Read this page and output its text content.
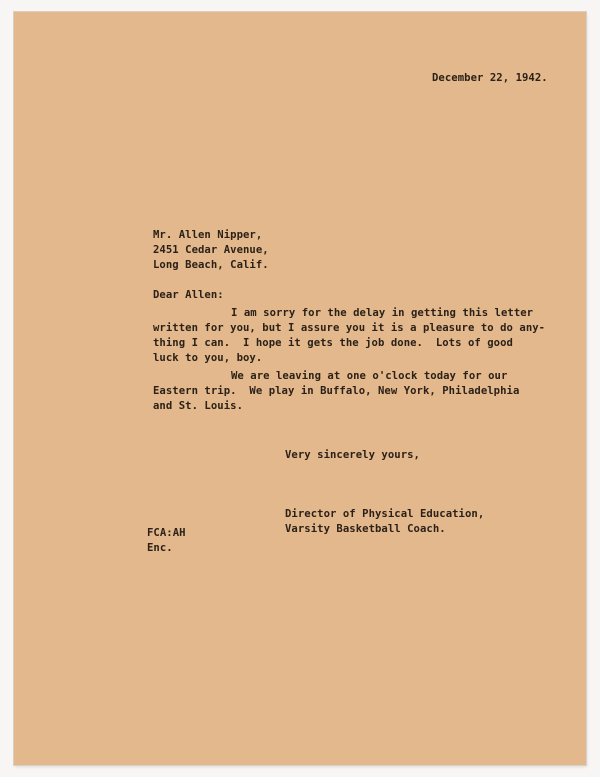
December 22, 1942.
Mr. Allen Nipper,
2451 Cedar Avenue,
Long Beach, Calif.
Dear Allen:
I am sorry for the delay in getting this letter
written for you, but I assure you it is a pleasure to do any-
thing I can.  I hope it gets the job done.  Lots of good
luck to you, boy.
We are leaving at one o'clock today for our
Eastern trip.  We play in Buffalo, New York, Philadelphia
and St. Louis.
Very sincerely yours,
Director of Physical Education,
Varsity Basketball Coach.
FCA:AH
Enc.
